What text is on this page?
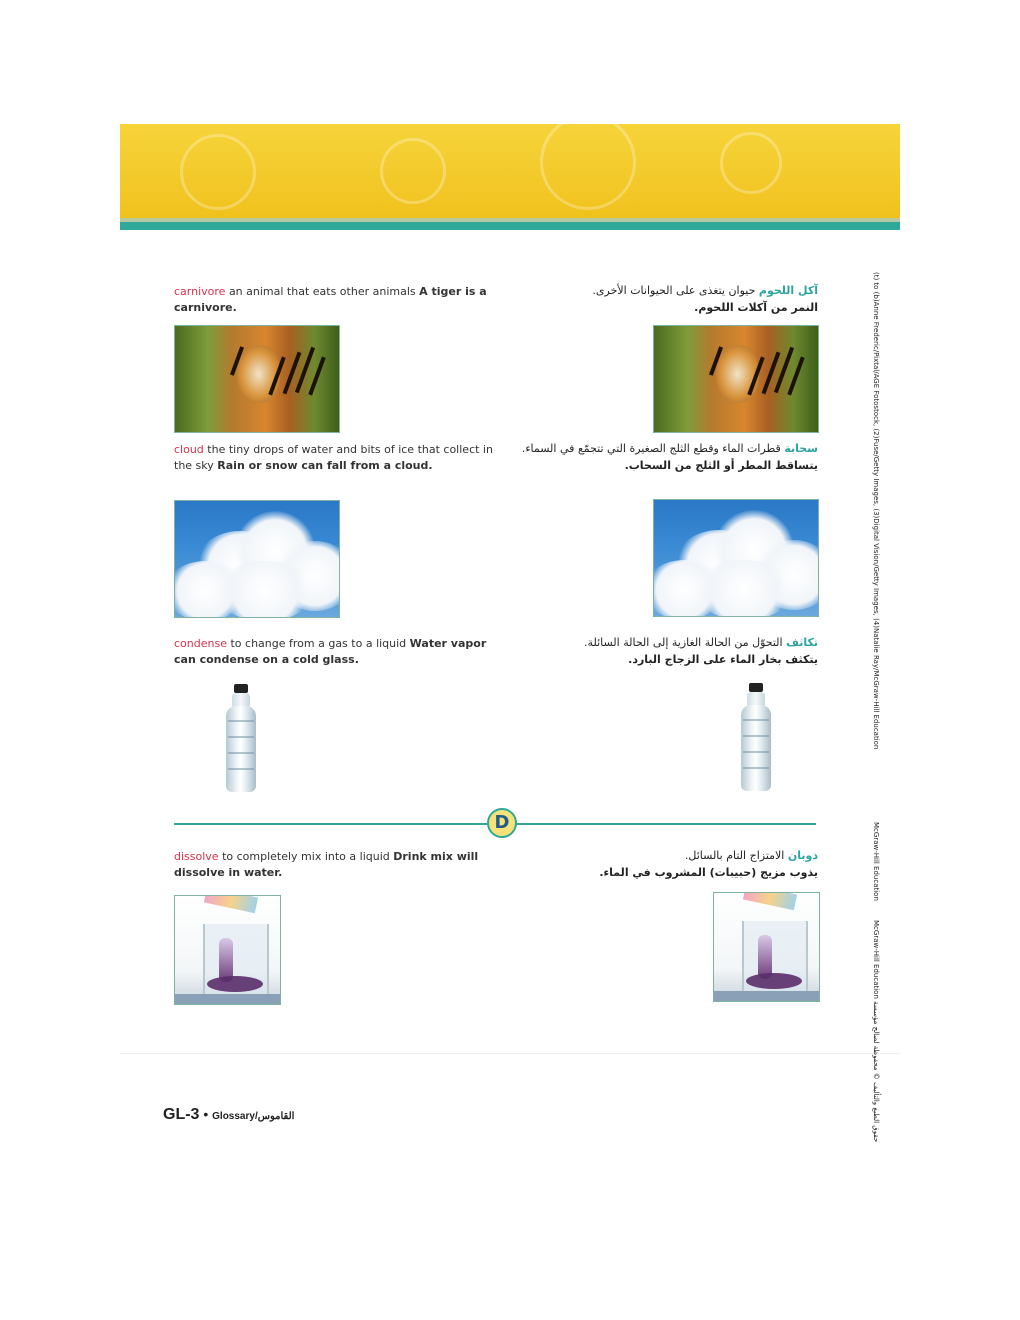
carnivore an animal that eats other animals A tiger is a carnivore.
آكل اللحوم حيوان يتغذى على الحيوانات الأخرى.
النمر من آكلات اللحوم.
cloud the tiny drops of water and bits of ice that collect in the sky Rain or snow can fall from a cloud.
سحابة قطرات الماء وقطع الثلج الصغيرة التي تتجمّع في السماء.
يتساقط المطر أو الثلج من السحاب.
condense to change from a gas to a liquid Water vapor can condense on a cold glass.
تكاثف التحوّل من الحالة الغازية إلى الحالة السائلة.
يتكثف بخار الماء على الزجاج البارد.
D
dissolve to completely mix into a liquid Drink mix will dissolve in water.
ذوبان الامتزاج التام بالسائل.
يذوب مزيج (حبيبات) المشروب في الماء.
GL-3 • Glossary/القاموس
(t) to (b)Anne Frederic/Pixtal/AGE Fotostock, (2)Fuse/Getty Images, (3)Digital Vision/Getty Images, (4)Natalie Ray/McGraw-Hill Education
McGraw-Hill Education
حقوق الطبع والتأليف © محفوظة لصالح مؤسسة McGraw-Hill Education
